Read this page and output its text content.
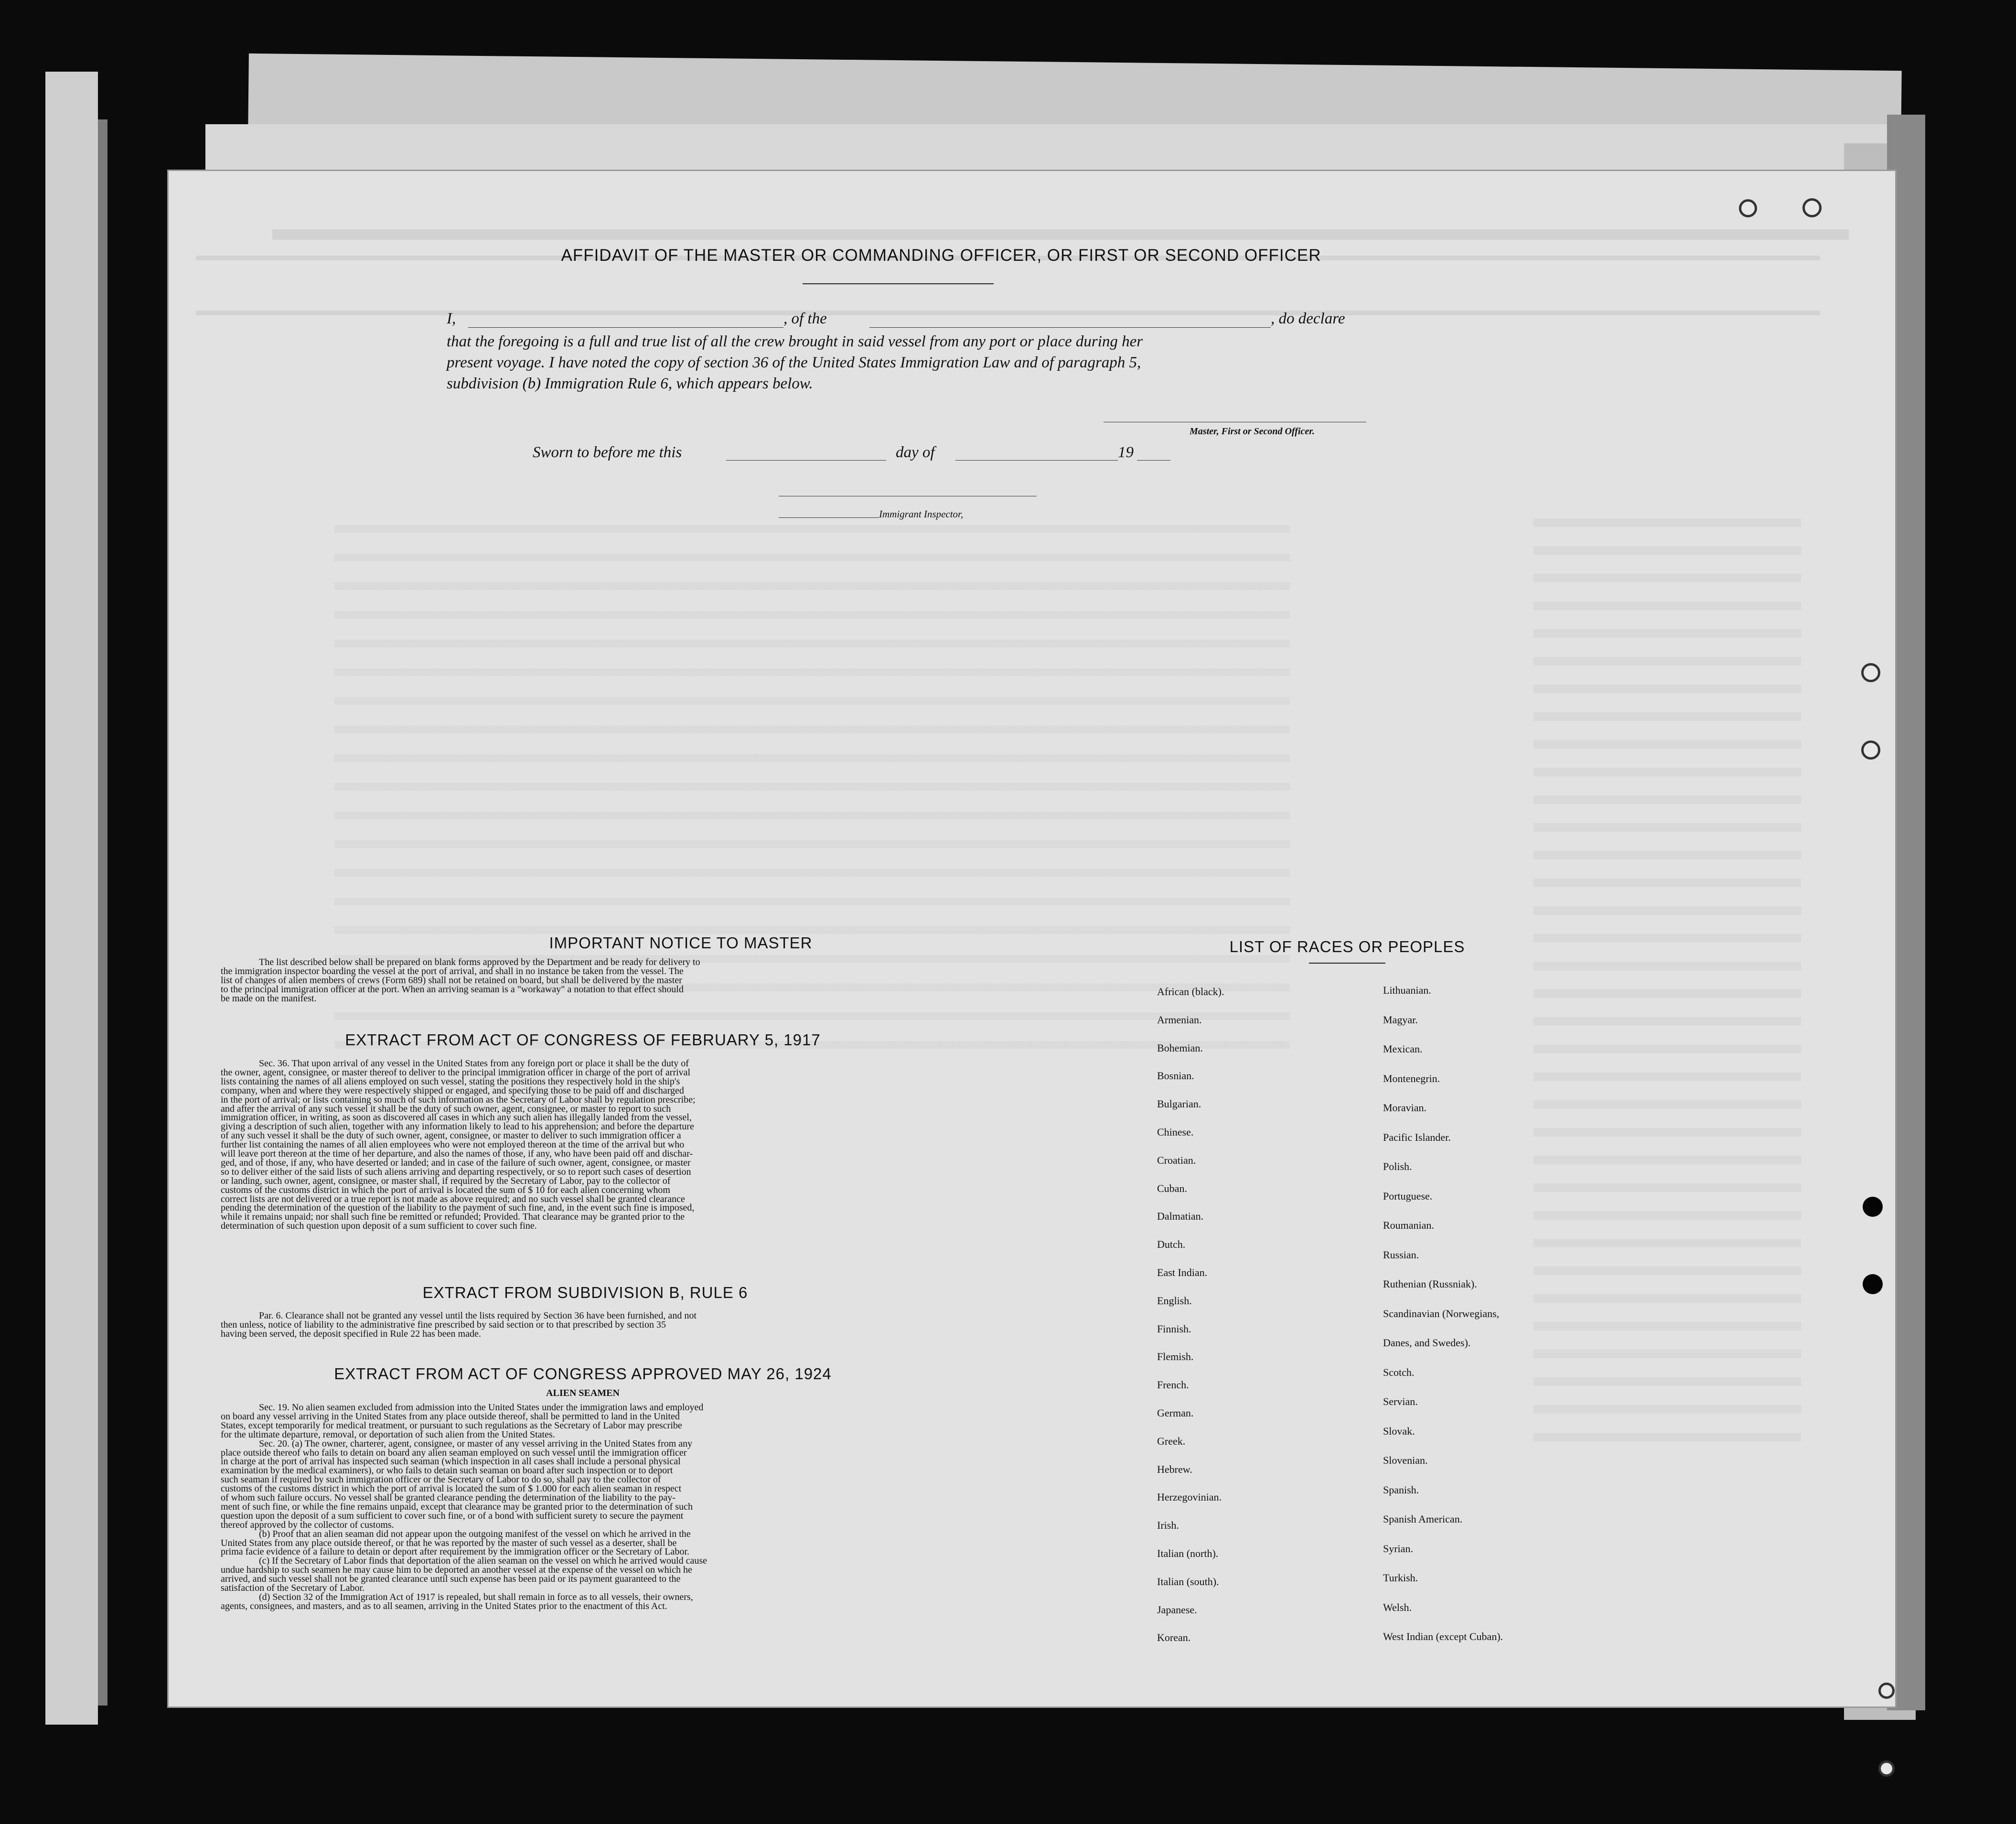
AFFIDAVIT OF THE MASTER OR COMMANDING OFFICER, OR FIRST OR SECOND OFFICER
I,	, of the	, do declare
that the foregoing is a full and true list of all the crew brought in said vessel from any port or place during her
present voyage. I have noted the copy of section 36 of the United States Immigration Law and of paragraph 5,
subdivision (b) Immigration Rule 6, which appears below.
Master, First or Second Officer.
Sworn to before me this	day of	19
Immigrant Inspector,
IMPORTANT NOTICE TO MASTER
The list described below shall be prepared on blank forms approved by the Department and be ready for delivery to
the immigration inspector boarding the vessel at the port of arrival, and shall in no instance be taken from the vessel. The
list of changes of alien members of crews (Form 689) shall not be retained on board, but shall be delivered by the master
to the principal immigration officer at the port. When an arriving seaman is a "workaway" a notation to that effect should
be made on the manifest.
EXTRACT FROM ACT OF CONGRESS OF FEBRUARY 5, 1917
Sec. 36. That upon arrival of any vessel in the United States from any foreign port or place it shall be the duty of
the owner, agent, consignee, or master thereof to deliver to the principal immigration officer in charge of the port of arrival
lists containing the names of all aliens employed on such vessel, stating the positions they respectively hold in the ship's
company, when and where they were respectively shipped or engaged, and specifying those to be paid off and discharged
in the port of arrival; or lists containing so much of such information as the Secretary of Labor shall by regulation prescribe;
and after the arrival of any such vessel it shall be the duty of such owner, agent, consignee, or master to report to such
immigration officer, in writing, as soon as discovered all cases in which any such alien has illegally landed from the vessel,
giving a description of such alien, together with any information likely to lead to his apprehension; and before the departure
of any such vessel it shall be the duty of such owner, agent, consignee, or master to deliver to such immigration officer a
further list containing the names of all alien employees who were not employed thereon at the time of the arrival but who
will leave port thereon at the time of her departure, and also the names of those, if any, who have been paid off and dischar-
ged, and of those, if any, who have deserted or landed; and in case of the failure of such owner, agent, consignee, or master
so to deliver either of the said lists of such aliens arriving and departing respectively, or so to report such cases of desertion
or landing, such owner, agent, consignee, or master shall, if required by the Secretary of Labor, pay to the collector of
customs of the customs district in which the port of arrival is located the sum of $ 10 for each alien concerning whom
correct lists are not delivered or a true report is not made as above required; and no such vessel shall be granted clearance
pending the determination of the question of the liability to the payment of such fine, and, in the event such fine is imposed,
while it remains unpaid; nor shall such fine be remitted or refunded; Provided. That clearance may be granted prior to the
determination of such question upon deposit of a sum sufficient to cover such fine.
EXTRACT FROM SUBDIVISION B, RULE 6
Par. 6. Clearance shall not be granted any vessel until the lists required by Section 36 have been furnished, and not
then unless, notice of liability to the administrative fine prescribed by said section or to that prescribed by section 35
having been served, the deposit specified in Rule 22 has been made.
EXTRACT FROM ACT OF CONGRESS APPROVED MAY 26, 1924
ALIEN SEAMEN
Sec. 19. No alien seamen excluded from admission into the United States under the immigration laws and employed
on board any vessel arriving in the United States from any place outside thereof, shall be permitted to land in the United
States, except temporarily for medical treatment, or pursuant to such regulations as the Secretary of Labor may prescribe
for the ultimate departure, removal, or deportation of such alien from the United States.
Sec. 20. (a) The owner, charterer, agent, consignee, or master of any vessel arriving in the United States from any
place outside thereof who fails to detain on board any alien seaman employed on such vessel until the immigration officer
in charge at the port of arrival has inspected such seaman (which inspection in all cases shall include a personal physical
examination by the medical examiners), or who fails to detain such seaman on board after such inspection or to deport
such seaman if required by such immigration officer or the Secretary of Labor to do so, shall pay to the collector of
customs of the customs district in which the port of arrival is located the sum of $ 1.000 for each alien seaman in respect
of whom such failure occurs. No vessel shall be granted clearance pending the determination of the liability to the pay-
ment of such fine, or while the fine remains unpaid, except that clearance may be granted prior to the determination of such
question upon the deposit of a sum sufficient to cover such fine, or of a bond with sufficient surety to secure the payment
thereof approved by the collector of customs.
(b) Proof that an alien seaman did not appear upon the outgoing manifest of the vessel on which he arrived in the
United States from any place outside thereof, or that he was reported by the master of such vessel as a deserter, shall be
prima facie evidence of a failure to detain or deport after requirement by the immigration officer or the Secretary of Labor.
(c) If the Secretary of Labor finds that deportation of the alien seaman on the vessel on which he arrived would cause
undue hardship to such seamen he may cause him to be deported an another vessel at the expense of the vessel on which he
arrived, and such vessel shall not be granted clearance until such expense has been paid or its payment guaranteed to the
satisfaction of the Secretary of Labor.
(d) Section 32 of the Immigration Act of 1917 is repealed, but shall remain in force as to all vessels, their owners,
agents, consignees, and masters, and as to all seamen, arriving in the United States prior to the enactment of this Act.
LIST OF RACES OR PEOPLES
African (black).
Armenian.
Bohemian.
Bosnian.
Bulgarian.
Chinese.
Croatian.
Cuban.
Dalmatian.
Dutch.
East Indian.
English.
Finnish.
Flemish.
French.
German.
Greek.
Hebrew.
Herzegovinian.
Irish.
Italian (north).
Italian (south).
Japanese.
Korean.
Lithuanian.
Magyar.
Mexican.
Montenegrin.
Moravian.
Pacific Islander.
Polish.
Portuguese.
Roumanian.
Russian.
Ruthenian (Russniak).
Scandinavian (Norwegians,
Danes, and Swedes).
Scotch.
Servian.
Slovak.
Slovenian.
Spanish.
Spanish American.
Syrian.
Turkish.
Welsh.
West Indian (except Cuban).
